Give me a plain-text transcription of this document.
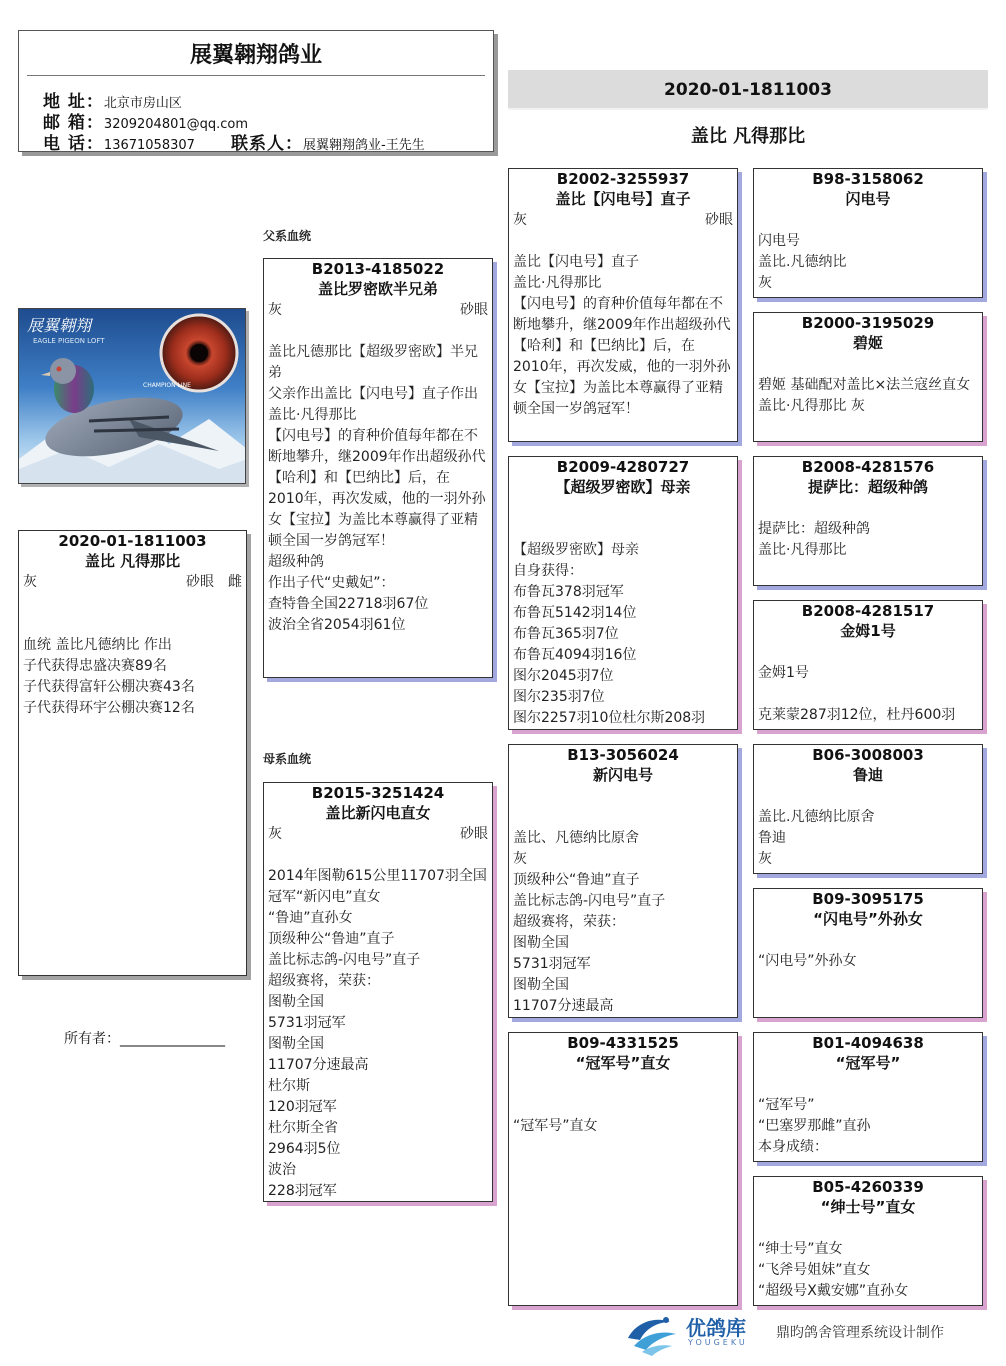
展翼翱翔鸽业
地 址：北京市房山区
邮 箱：3209204801@qq.com
电 话：13671058307 联系人：展翼翱翔鸽业-王先生
2020-01-1811003
盖比 凡得那比
父系血统
母系血统
展翼翱翔
EAGLE PIGEON LOFT
CHAMPION LINE
2020-01-1811003
盖比 凡得那比
灰	砂眼 雌
血统 盖比凡德纳比 作出
子代获得忠盛决赛89名
子代获得富轩公棚决赛43名
子代获得环宇公棚决赛12名
所有者：_______________
B2013-4185022
盖比罗密欧半兄弟
灰	砂眼
盖比凡德那比【超级罗密欧】半兄弟
父亲作出盖比【闪电号】直子作出
盖比·凡得那比
【闪电号】的育种价值每年都在不断地攀升，继2009年作出超级孙代【哈利】和【巴纳比】后，在 2010年，再次发威，他的一羽外孙女【宝拉】为盖比本尊赢得了亚精顿全国一岁鸽冠军！
超级种鸽
作出子代“史戴妃”：
查特鲁全国22718羽67位
波治全省2054羽61位
B2015-3251424
盖比新闪电直女
灰	砂眼
2014年图勒615公里11707羽全国冠军“新闪电”直女
“鲁迪”直孙女
顶级种公“鲁迪”直子
盖比标志鸽-闪电号”直子
超级赛将，荣获：
图勒全国
5731羽冠军
图勒全国
11707分速最高
杜尔斯
120羽冠军
杜尔斯全省
2964羽5位
波治
228羽冠军
B2002-3255937
盖比【闪电号】直子
灰	砂眼
盖比【闪电号】直子
盖比·凡得那比
【闪电号】的育种价值每年都在不断地攀升，继2009年作出超级孙代【哈利】和【巴纳比】后，在 2010年，再次发威，他的一羽外孙女【宝拉】为盖比本尊赢得了亚精顿全国一岁鸽冠军！
B2009-4280727
【超级罗密欧】母亲
【超级罗密欧】母亲
自身获得：
布鲁瓦378羽冠军
布鲁瓦5142羽14位
布鲁瓦365羽7位
布鲁瓦4094羽16位
图尔2045羽7位
图尔235羽7位
图尔2257羽10位杜尔斯208羽
B13-3056024
新闪电号
盖比、凡德纳比原舍
灰
顶级种公“鲁迪”直子
盖比标志鸽-闪电号”直子
超级赛将，荣获：
图勒全国
5731羽冠军
图勒全国
11707分速最高
B09-4331525
“冠军号”直女
“冠军号”直女
B98-3158062
闪电号
闪电号
盖比.凡德纳比
灰
B2000-3195029
碧姬
碧姬 基础配对盖比×法兰寇丝直女
盖比·凡得那比 灰
B2008-4281576
提萨比：超级种鸽
提萨比：超级种鸽
盖比·凡得那比
B2008-4281517
金姆1号
金姆1号

克莱蒙287羽12位，杜丹600羽
B06-3008003
鲁迪
盖比.凡德纳比原舍
鲁迪
灰
B09-3095175
“闪电号”外孙女
“闪电号”外孙女
B01-4094638
“冠军号”
“冠军号”
“巴塞罗那雌”直孙
本身成绩：
B05-4260339
“绅士号”直女
“绅士号”直女
“飞斧号姐妹”直女
“超级号X戴安娜”直孙女
优鸽库
YOUGEKU
鼎昀鸽舍管理系统设计制作
